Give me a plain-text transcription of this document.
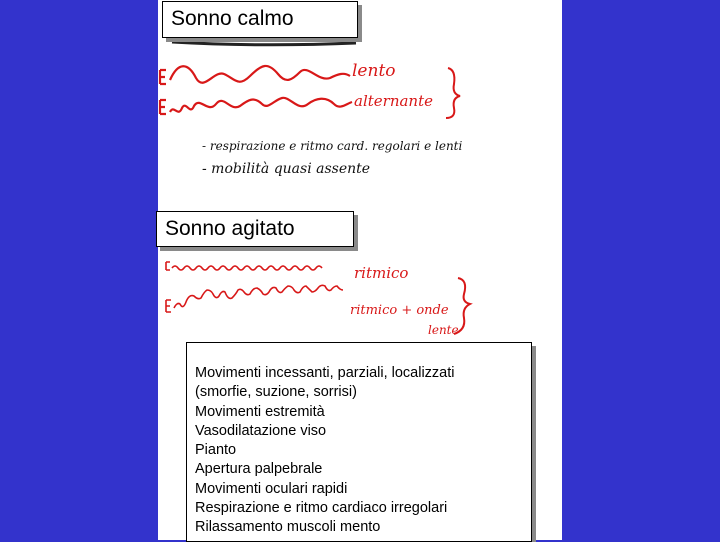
Sonno calmo
lento
alternante
- respirazione e ritmo card. regolari e lenti
- mobilità quasi assente
Sonno agitato
ritmico
ritmico + onde
lente
Movimenti incessanti, parziali, localizzati
(smorfie, suzione, sorrisi)
Movimenti estremità
Vasodilatazione viso
Pianto
Apertura palpebrale
Movimenti oculari rapidi
Respirazione e ritmo cardiaco irregolari
Rilassamento muscoli mento
